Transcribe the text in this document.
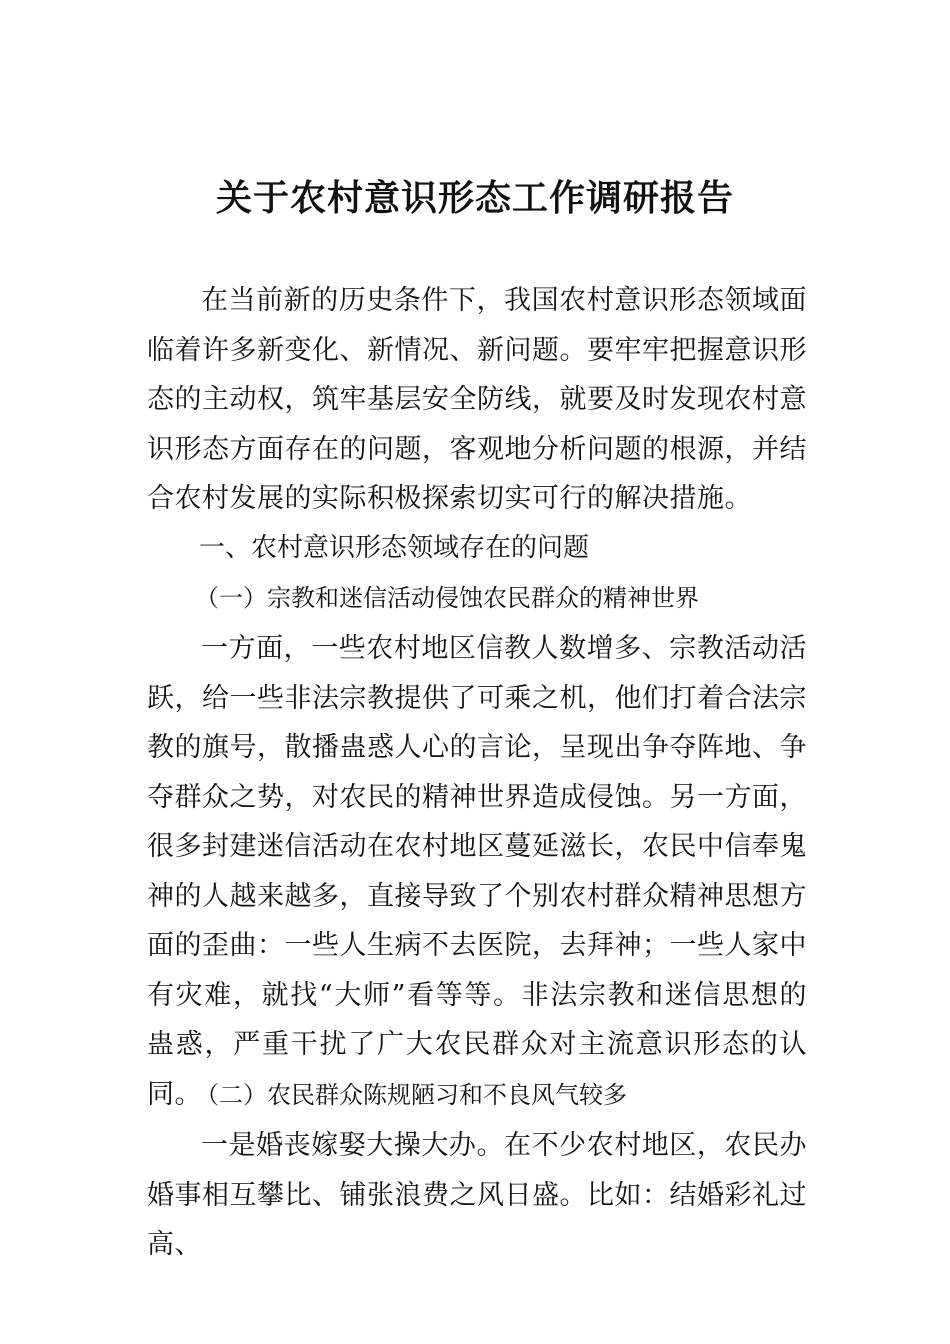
关于农村意识形态工作调研报告

在当前新的历史条件下，我国农村意识形态领域面临着许多新变化、新情况、新问题。要牢牢把握意识形态的主动权，筑牢基层安全防线，就要及时发现农村意识形态方面存在的问题，客观地分析问题的根源，并结合农村发展的实际积极探索切实可行的解决措施。

一、农村意识形态领域存在的问题

（一）宗教和迷信活动侵蚀农民群众的精神世界

一方面，一些农村地区信教人数增多、宗教活动活跃，给一些非法宗教提供了可乘之机，他们打着合法宗教的旗号，散播蛊惑人心的言论，呈现出争夺阵地、争夺群众之势，对农民的精神世界造成侵蚀。另一方面，很多封建迷信活动在农村地区蔓延滋长，农民中信奉鬼神的人越来越多，直接导致了个别农村群众精神思想方面的歪曲：一些人生病不去医院，去拜神；一些人家中有灾难，就找“大师”看等等。非法宗教和迷信思想的蛊惑，严重干扰了广大农民群众对主流意识形态的认同。

（二）农民群众陈规陋习和不良风气较多

一是婚丧嫁娶大操大办。在不少农村地区，农民办婚事相互攀比、铺张浪费之风日盛。比如：结婚彩礼过高、
